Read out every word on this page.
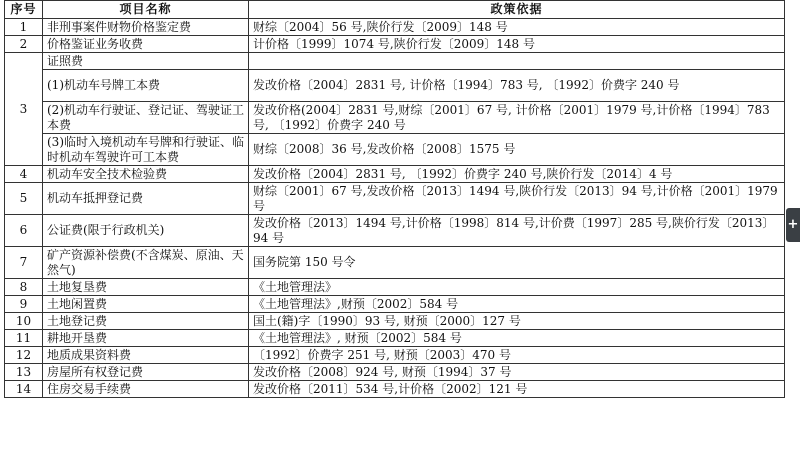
序号	项目名称	政策依据
1	非刑事案件财物价格鉴定费	财综〔2004〕56 号,陕价行发〔2009〕148 号
2	价格鉴证业务收费	计价格〔1999〕1074 号,陕价行发〔2009〕148 号
3	证照费	
	(1)机动车号牌工本费	发改价格〔2004〕2831 号, 计价格〔1994〕783 号, 〔1992〕价费字 240 号
	(2)机动车行驶证、登记证、驾驶证工本费	发改价格(2004〕2831 号,财综〔2001〕67 号, 计价格〔2001〕1979 号,计价格〔1994〕783 号, 〔1992〕价费字 240 号
	(3)临时入境机动车号牌和行驶证、临时机动车驾驶许可工本费	财综〔2008〕36 号,发改价格〔2008〕1575 号
4	机动车安全技术检验费	发改价格〔2004〕2831 号, 〔1992〕价费字 240 号,陕价行发〔2014〕4 号
5	机动车抵押登记费	财综〔2001〕67 号,发改价格〔2013〕1494 号,陕价行发〔2013〕94 号,计价格〔2001〕1979 号
6	公证费(限于行政机关)	发改价格〔2013〕1494 号,计价格〔1998〕814 号,计价费〔1997〕285 号,陕价行发〔2013〕94 号
7	矿产资源补偿费(不含煤炭、原油、天然气)	国务院第 150 号令
8	土地复垦费	《土地管理法》
9	土地闲置费	《土地管理法》,财预〔2002〕584 号
10	土地登记费	国土(籍)字〔1990〕93 号, 财预〔2000〕127 号
11	耕地开垦费	《土地管理法》, 财预〔2002〕584 号
12	地质成果资料费	〔1992〕价费字 251 号, 财预〔2003〕470 号
13	房屋所有权登记费	发改价格〔2008〕924 号, 财预〔1994〕37 号
14	住房交易手续费	发改价格〔2011〕534 号,计价格〔2002〕121 号
+
